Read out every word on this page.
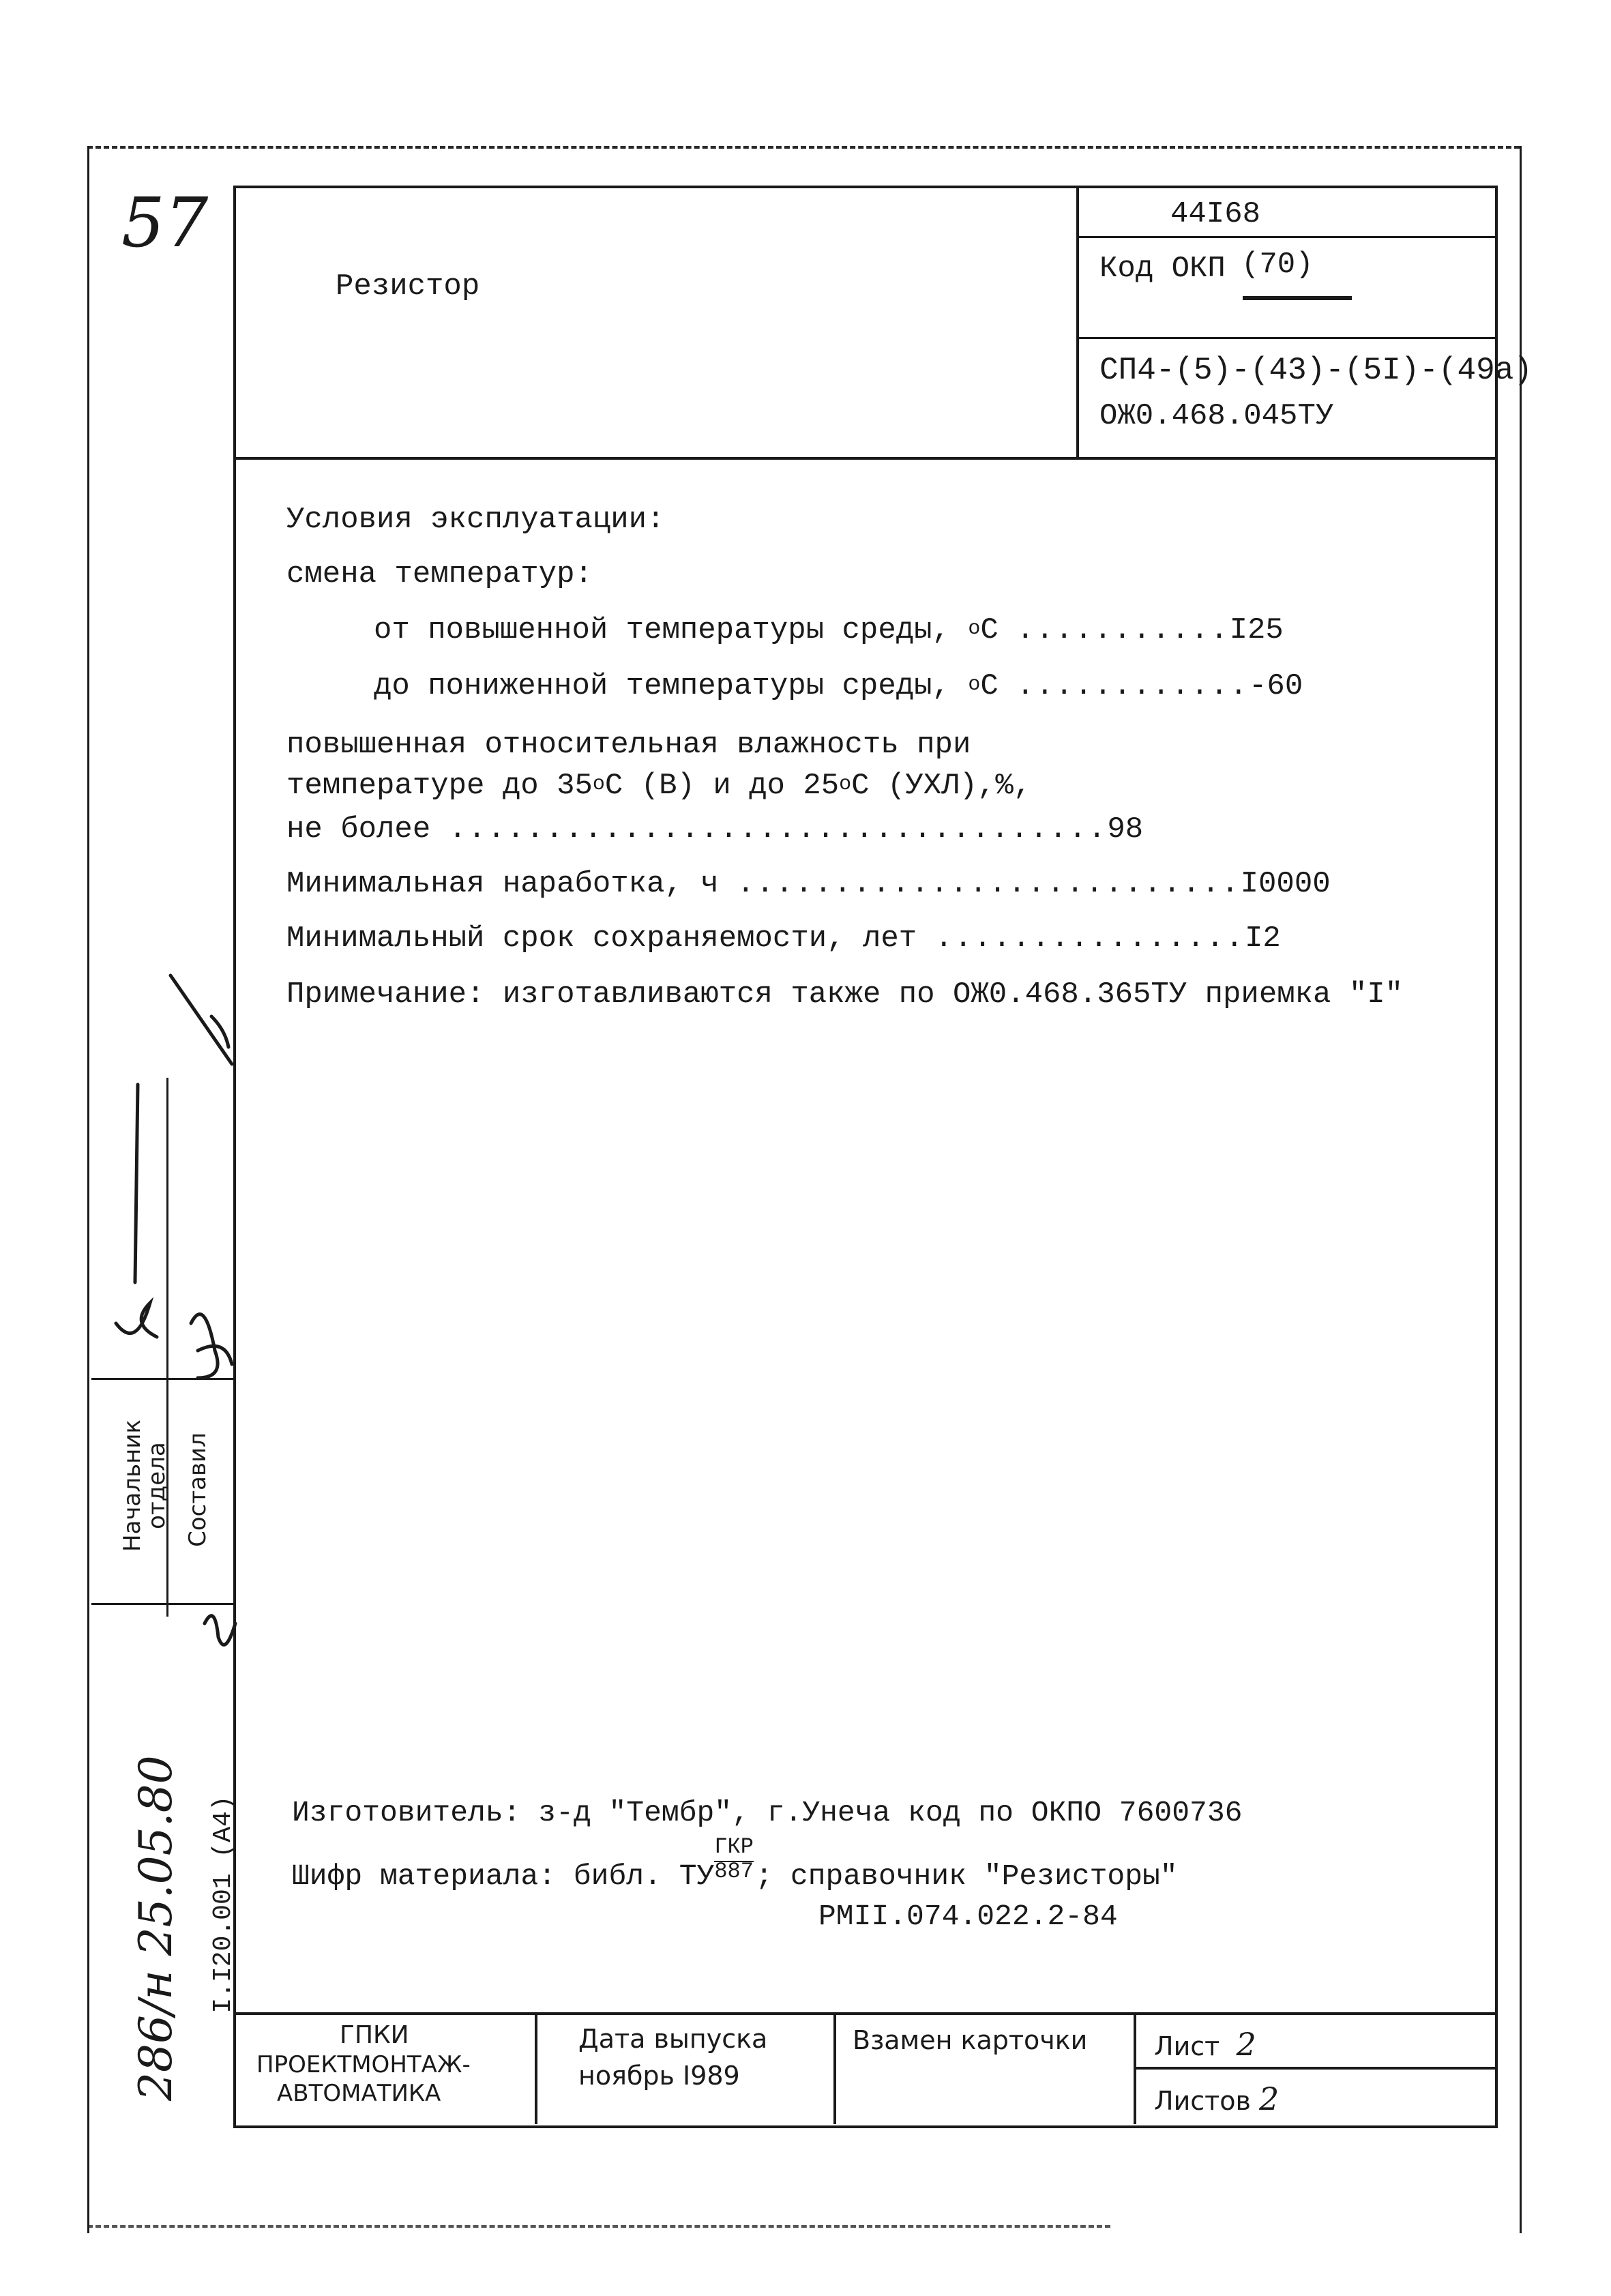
57
Резистор
44I68
Код ОКП (70)
СП4-(5)-(43)-(5I)-(49а)
ОЖ0.468.045ТУ
Условия эксплуатации:
смена температур:
от повышенной температуры среды, $^о$С ...........I25
до пониженной температуры среды, $^о$С ............-60
повышенная относительная влажность при
температуре до $35^оС$ (В) и до $25^оС$ (УХЛ),%,
не более ..................................98
Минимальная наработка, ч ..........................I0000
Минимальный срок сохраняемости, лет ................I2
Примечание: изготавливаются также по ОЖ0.468.365ТУ приемка "I"
Изготовитель: з-д "Тембр", г.Унеча код по ОКПО 7600736
Шифр материала: библ. ТУ $\frac{\text{ГКР}}{887}$ ; справочник "Резисторы"
РМII.074.022.2-84
ГПКИ
ПРОЕКТМОНТАЖ-
АВТОМАТИКА
Дата выпуска
ноябрь I989
Взамен карточки	Лист 2
Листов 2
Начальник
отдела Составил
I.I20.001 (А4)
286/н 25.05.80
